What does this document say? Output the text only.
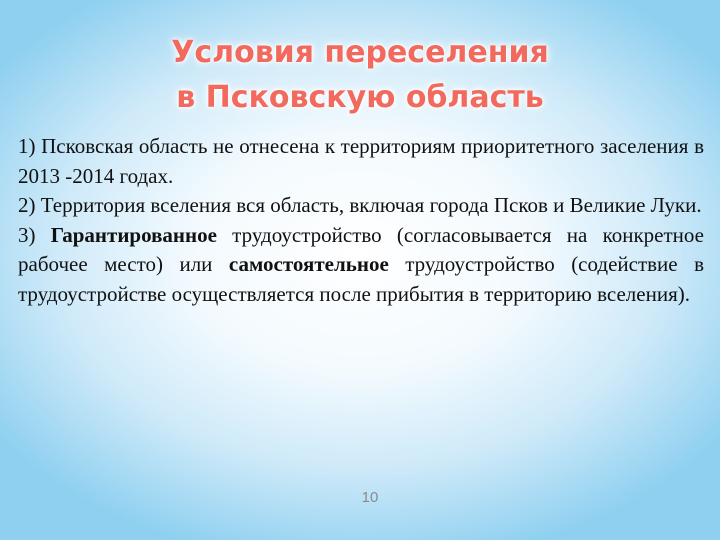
Условия переселения
в Псковскую область

1) Псковская область не отнесена к территориям приоритетного заселения в 2013 -2014 годах.

2) Территория вселения вся область, включая города Псков и Великие Луки.

3) Гарантированное трудоустройство (согласовывается на конкретное рабочее место) или самостоятельное трудоустройство (содействие в трудоустройстве осуществляется после прибытия в территорию вселения).

10
